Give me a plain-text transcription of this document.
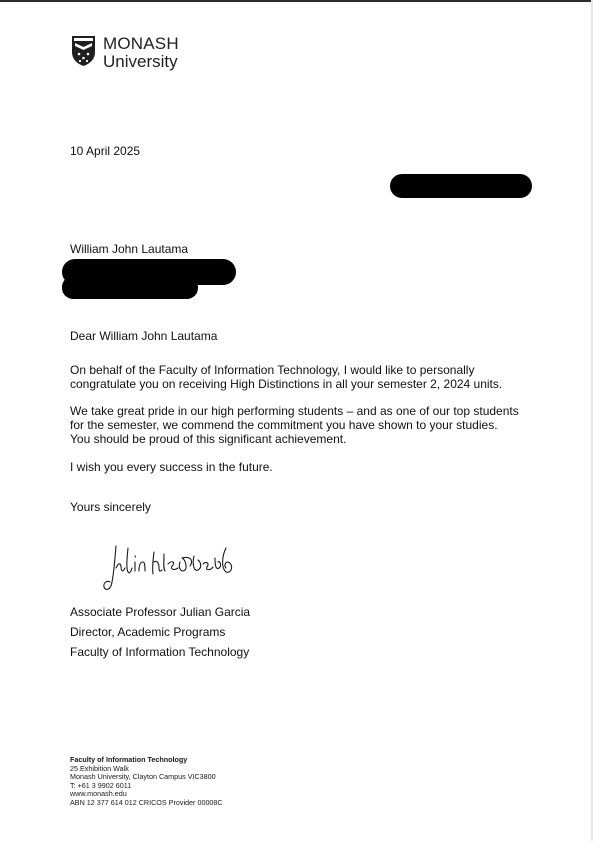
MONASH
University
10 April 2025
William John Lautama
Dear William John Lautama
On behalf of the Faculty of Information Technology, I would like to personally
congratulate you on receiving High Distinctions in all your semester 2, 2024 units.
We take great pride in our high performing students – and as one of our top students
for the semester, we commend the commitment you have shown to your studies.
You should be proud of this significant achievement.
I wish you every success in the future.
Yours sincerely
Associate Professor Julian Garcia
Director, Academic Programs
Faculty of Information Technology
Faculty of Information Technology
25 Exhibition Walk
Monash University, Clayton Campus VIC3800
T: +61 3 9902 6011
www.monash.edu
ABN 12 377 614 012 CRICOS Provider 00008C
